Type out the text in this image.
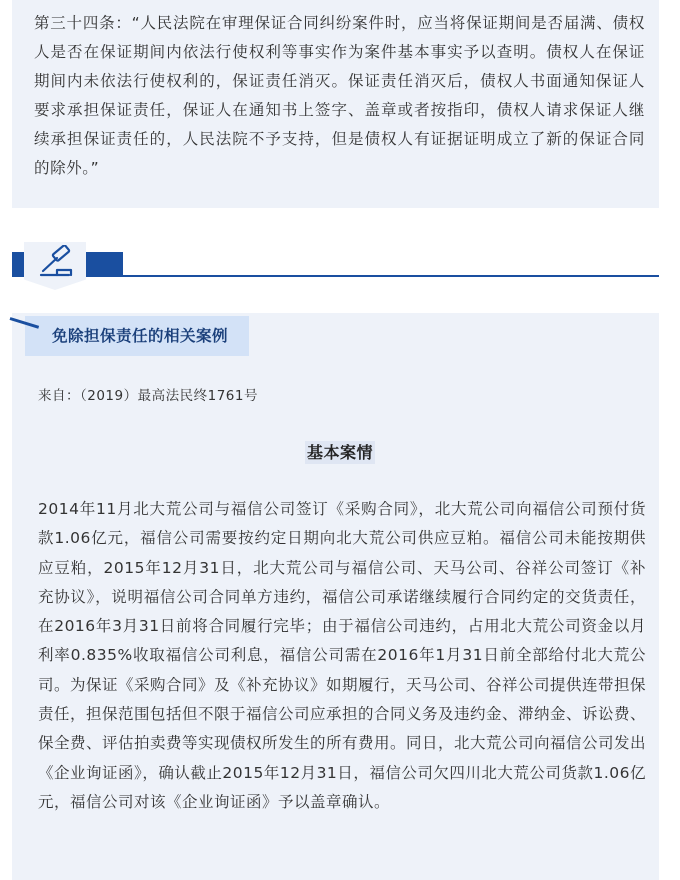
第三十四条：“人民法院在审理保证合同纠纷案件时，应当将保证期间是否届满、债权人是否在保证期间内依法行使权利等事实作为案件基本事实予以查明。债权人在保证期间内未依法行使权利的，保证责任消灭。保证责任消灭后，债权人书面通知保证人要求承担保证责任，保证人在通知书上签字、盖章或者按指印，债权人请求保证人继续承担保证责任的，人民法院不予支持，但是债权人有证据证明成立了新的保证合同的除外。”

免除担保责任的相关案例
来自：（2019）最高法民终1761号
基本案情

2014年11月北大荒公司与福信公司签订《采购合同》，北大荒公司向福信公司预付货款1.06亿元，福信公司需要按约定日期向北大荒公司供应豆粕。福信公司未能按期供应豆粕，2015年12月31日，北大荒公司与福信公司、天马公司、谷祥公司签订《补充协议》，说明福信公司合同单方违约，福信公司承诺继续履行合同约定的交货责任，在2016年3月31日前将合同履行完毕；由于福信公司违约，占用北大荒公司资金以月利率0.835%收取福信公司利息，福信公司需在2016年1月31日前全部给付北大荒公司。为保证《采购合同》及《补充协议》如期履行，天马公司、谷祥公司提供连带担保责任，担保范围包括但不限于福信公司应承担的合同义务及违约金、滞纳金、诉讼费、保全费、评估拍卖费等实现债权所发生的所有费用。同日，北大荒公司向福信公司发出《企业询证函》，确认截止2015年12月31日，福信公司欠四川北大荒公司货款1.06亿元，福信公司对该《企业询证函》予以盖章确认。
